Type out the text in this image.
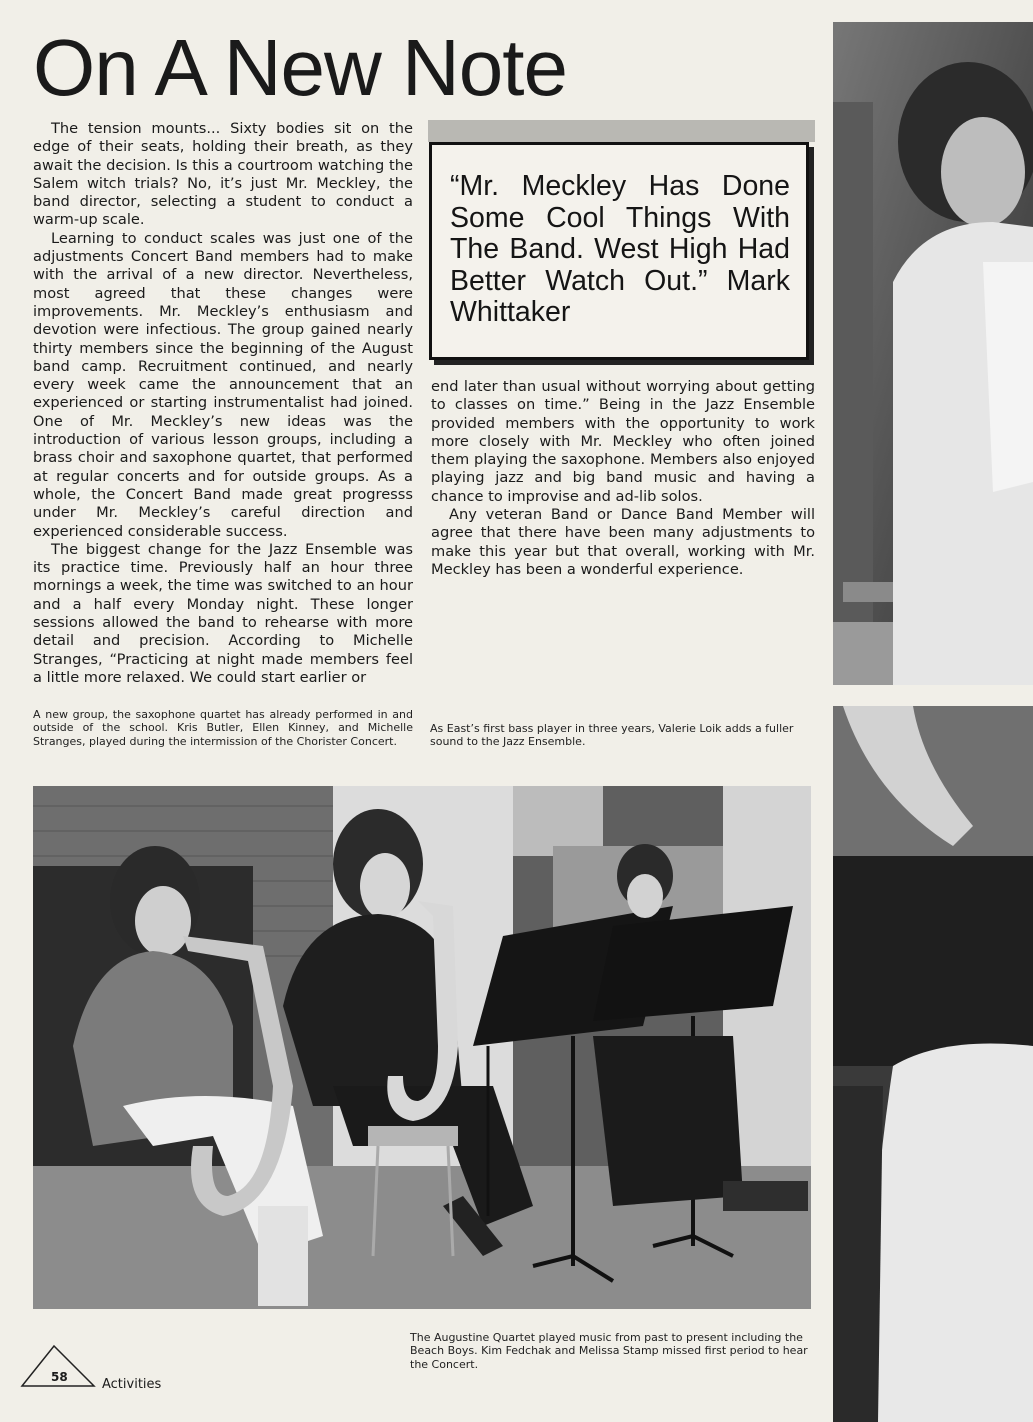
On A New Note

The tension mounts... Sixty bodies sit on the edge of their seats, holding their breath, as they await the decision. Is this a courtroom watching the Salem witch trials? No, it’s just Mr. Meckley, the band director, selecting a student to conduct a warm-up scale.

Learning to conduct scales was just one of the adjustments Concert Band members had to make with the arrival of a new director. Nevertheless, most agreed that these changes were improvements. Mr. Meckley’s enthusiasm and devotion were infectious. The group gained nearly thirty members since the beginning of the August band camp. Recruitment continued, and nearly every week came the announcement that an experienced or starting instrumentalist had joined. One of Mr. Meckley’s new ideas was the introduction of various lesson groups, including a brass choir and saxophone quartet, that performed at regular concerts and for outside groups. As a whole, the Concert Band made great progresss under Mr. Meckley’s careful direction and experienced considerable success.

The biggest change for the Jazz Ensemble was its practice time. Previously half an hour three mornings a week, the time was switched to an hour and a half every Monday night. These longer sessions allowed the band to rehearse with more detail and precision. According to Michelle Stranges, “Practicing at night made members feel a little more relaxed. We could start earlier or

“Mr. Meckley Has Done Some Cool Things With The Band. West High Had Better Watch Out.” Mark Whittaker

end later than usual without worrying about getting to classes on time.” Being in the Jazz Ensemble provided members with the opportunity to work more closely with Mr. Meckley who often joined them playing the saxophone. Members also enjoyed playing jazz and big band music and having a chance to improvise and ad-lib solos.

Any veteran Band or Dance Band Member will agree that there have been many adjustments to make this year but that overall, working with Mr. Meckley has been a wonderful experience.

A new group, the saxophone quartet has already performed in and outside of the school. Kris Butler, Ellen Kinney, and Michelle Stranges, played during the intermission of the Chorister Concert.

As East’s first bass player in three years, Valerie Loik adds a fuller sound to the Jazz Ensemble.

The Augustine Quartet played music from past to present including the Beach Boys. Kim Fedchak and Melissa Stamp missed first period to hear the Concert.

58	Activities
